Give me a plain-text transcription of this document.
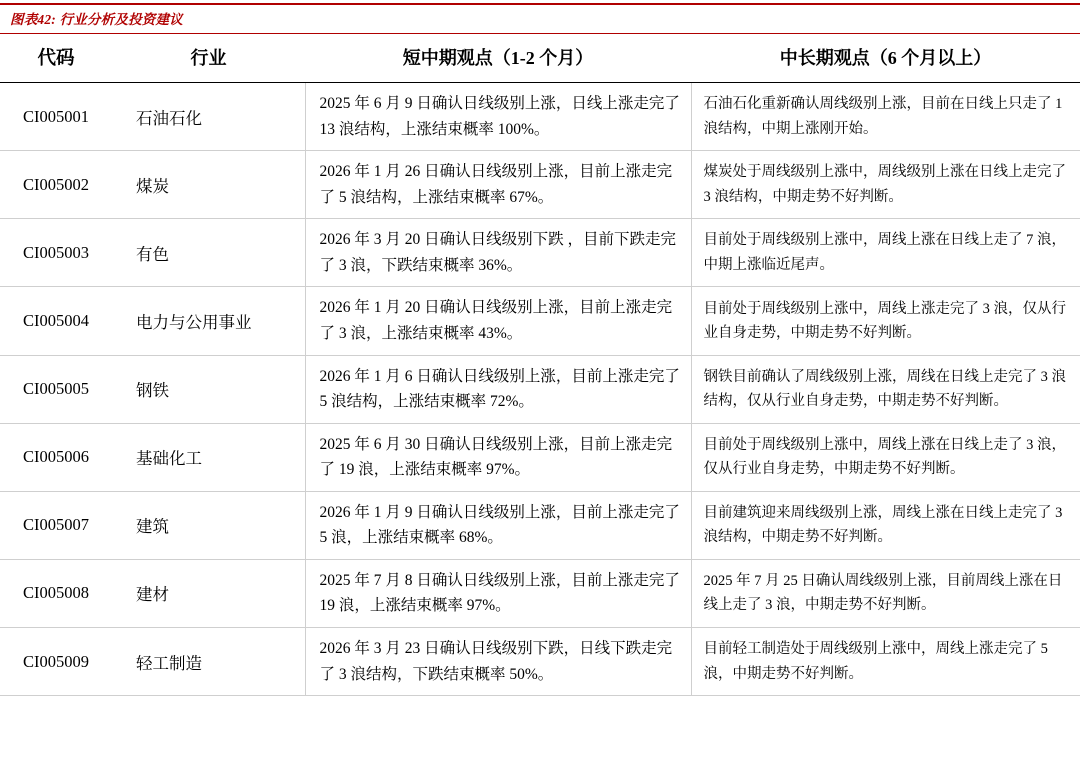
图表42: 行业分析及投资建议
代码	行业	短中期观点（1-2 个月）	中长期观点（6 个月以上）
CI005001	石油石化	2025 年 6 月 9 日确认日线级别上涨，日线上涨走完了 13 浪结构，上涨结束概率 100%。	石油石化重新确认周线级别上涨，目前在日线上只走了 1 浪结构，中期上涨刚开始。
CI005002	煤炭	2026 年 1 月 26 日确认日线级别上涨，目前上涨走完了 5 浪结构，上涨结束概率 67%。	煤炭处于周线级别上涨中，周线级别上涨在日线上走完了 3 浪结构，中期走势不好判断。
CI005003	有色	2026 年 3 月 20 日确认日线级别下跌 ，目前下跌走完了 3 浪，下跌结束概率 36%。	目前处于周线级别上涨中，周线上涨在日线上走了 7 浪，中期上涨临近尾声。
CI005004	电力与公用事业	2026 年 1 月 20 日确认日线级别上涨，目前上涨走完了 3 浪，上涨结束概率 43%。	目前处于周线级别上涨中，周线上涨走完了 3 浪，仅从行业自身走势，中期走势不好判断。
CI005005	钢铁	2026 年 1 月 6 日确认日线级别上涨，目前上涨走完了 5 浪结构，上涨结束概率 72%。	钢铁目前确认了周线级别上涨，周线在日线上走完了 3 浪结构，仅从行业自身走势，中期走势不好判断。
CI005006	基础化工	2025 年 6 月 30 日确认日线级别上涨，目前上涨走完了 19 浪，上涨结束概率 97%。	目前处于周线级别上涨中，周线上涨在日线上走了 3 浪，仅从行业自身走势，中期走势不好判断。
CI005007	建筑	2026 年 1 月 9 日确认日线级别上涨，目前上涨走完了 5 浪，上涨结束概率 68%。	目前建筑迎来周线级别上涨，周线上涨在日线上走完了 3 浪结构，中期走势不好判断。
CI005008	建材	2025 年 7 月 8 日确认日线级别上涨，目前上涨走完了 19 浪，上涨结束概率 97%。	2025 年 7 月 25 日确认周线级别上涨，目前周线上涨在日线上走了 3 浪，中期走势不好判断。
CI005009	轻工制造	2026 年 3 月 23 日确认日线级别下跌，日线下跌走完了 3 浪结构，下跌结束概率 50%。	目前轻工制造处于周线级别上涨中，周线上涨走完了 5 浪，中期走势不好判断。
